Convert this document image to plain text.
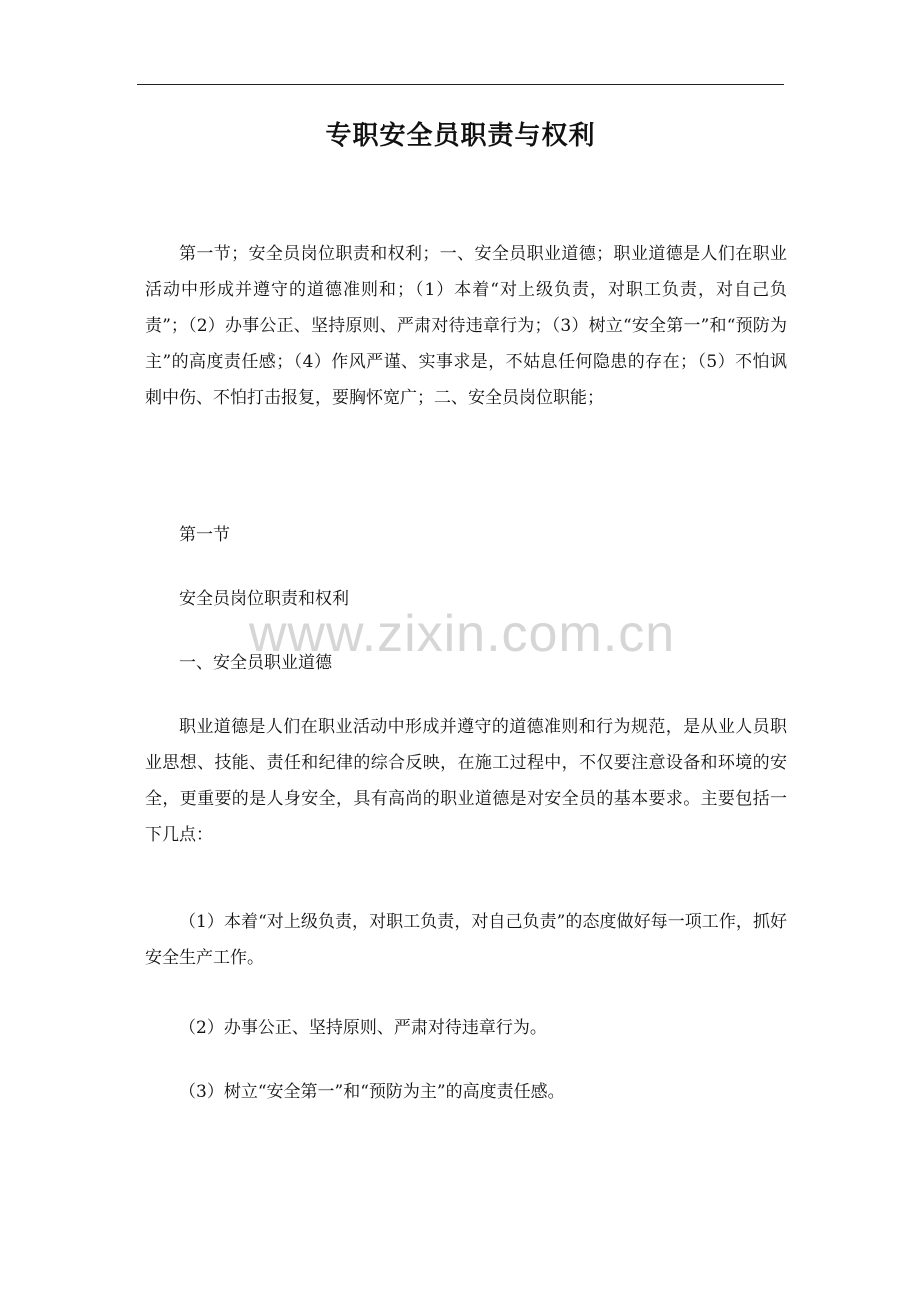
专职安全员职责与权利

第一节；安全员岗位职责和权利；一、安全员职业道德；职业道德是人们在职业活动中形成并遵守的道德准则和；（1）本着“对上级负责，对职工负责，对自己负责”；（2）办事公正、坚持原则、严肃对待违章行为；（3）树立“安全第一”和“预防为主”的高度责任感；（4）作风严谨、实事求是，不姑息任何隐患的存在；（5）不怕讽刺中伤、不怕打击报复，要胸怀宽广；二、安全员岗位职能；

第一节

安全员岗位职责和权利

一、安全员职业道德

职业道德是人们在职业活动中形成并遵守的道德准则和行为规范，是从业人员职业思想、技能、责任和纪律的综合反映，在施工过程中，不仅要注意设备和环境的安全，更重要的是人身安全，具有高尚的职业道德是对安全员的基本要求。主要包括一下几点：

（1）本着“对上级负责，对职工负责，对自己负责”的态度做好每一项工作，抓好安全生产工作。

（2）办事公正、坚持原则、严肃对待违章行为。

（3）树立“安全第一”和“预防为主”的高度责任感。

www.zixin.com.cn
